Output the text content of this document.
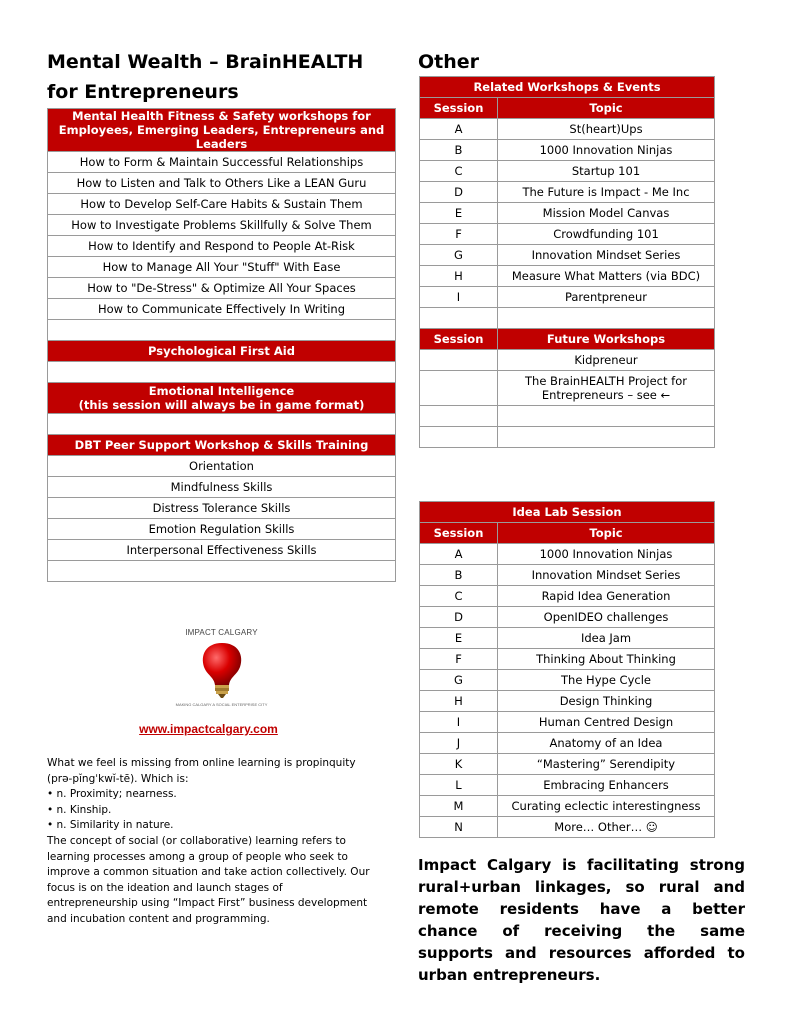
Mental Wealth – BrainHEALTH
for Entrepreneurs
Mental Health Fitness & Safety workshops for Employees, Emerging Leaders, Entrepreneurs and Leaders
How to Form & Maintain Successful Relationships
How to Listen and Talk to Others Like a LEAN Guru
How to Develop Self-Care Habits & Sustain Them
How to Investigate Problems Skillfully & Solve Them
How to Identify and Respond to People At-Risk
How to Manage All Your "Stuff" With Ease
How to "De-Stress" & Optimize All Your Spaces
How to Communicate Effectively In Writing

Psychological First Aid

Emotional Intelligence
(this session will always be in game format)

DBT Peer Support Workshop & Skills Training
Orientation
Mindfulness Skills
Distress Tolerance Skills
Emotion Regulation Skills
Interpersonal Effectiveness Skills

IMPACT CALGARY
MAKING CALGARY A SOCIAL ENTERPRISE CITY
www.impactcalgary.com
What we feel is missing from online learning is propinquity
(prə-pĭngˈkwĭ-tē). Which is:
• n. Proximity; nearness.
• n. Kinship.
• n. Similarity in nature.
The concept of social (or collaborative) learning refers to
learning processes among a group of people who seek to
improve a common situation and take action collectively. Our
focus is on the ideation and launch stages of
entrepreneurship using “Impact First” business development
and incubation content and programming.
Other
Related Workshops & Events	
Session	Topic
A	St(heart)Ups
B	1000 Innovation Ninjas
C	Startup 101
D	The Future is Impact - Me Inc
E	Mission Model Canvas
F	Crowdfunding 101
G	Innovation Mindset Series
H	Measure What Matters (via BDC)
I	Parentpreneur

Session	Future Workshops
	Kidpreneur
	The BrainHEALTH Project for Entrepreneurs – see ←

Idea Lab Session	
Session	Topic
A	1000 Innovation Ninjas
B	Innovation Mindset Series
C	Rapid Idea Generation
D	OpenIDEO challenges
E	Idea Jam
F	Thinking About Thinking
G	The Hype Cycle
H	Design Thinking
I	Human Centred Design
J	Anatomy of an Idea
K	“Mastering” Serendipity
L	Embracing Enhancers
M	Curating eclectic interestingness
N	More… Other… ☺
Impact Calgary is facilitating strong rural+urban linkages, so rural and remote residents have a better chance of receiving the same supports and resources afforded to urban entrepreneurs.
